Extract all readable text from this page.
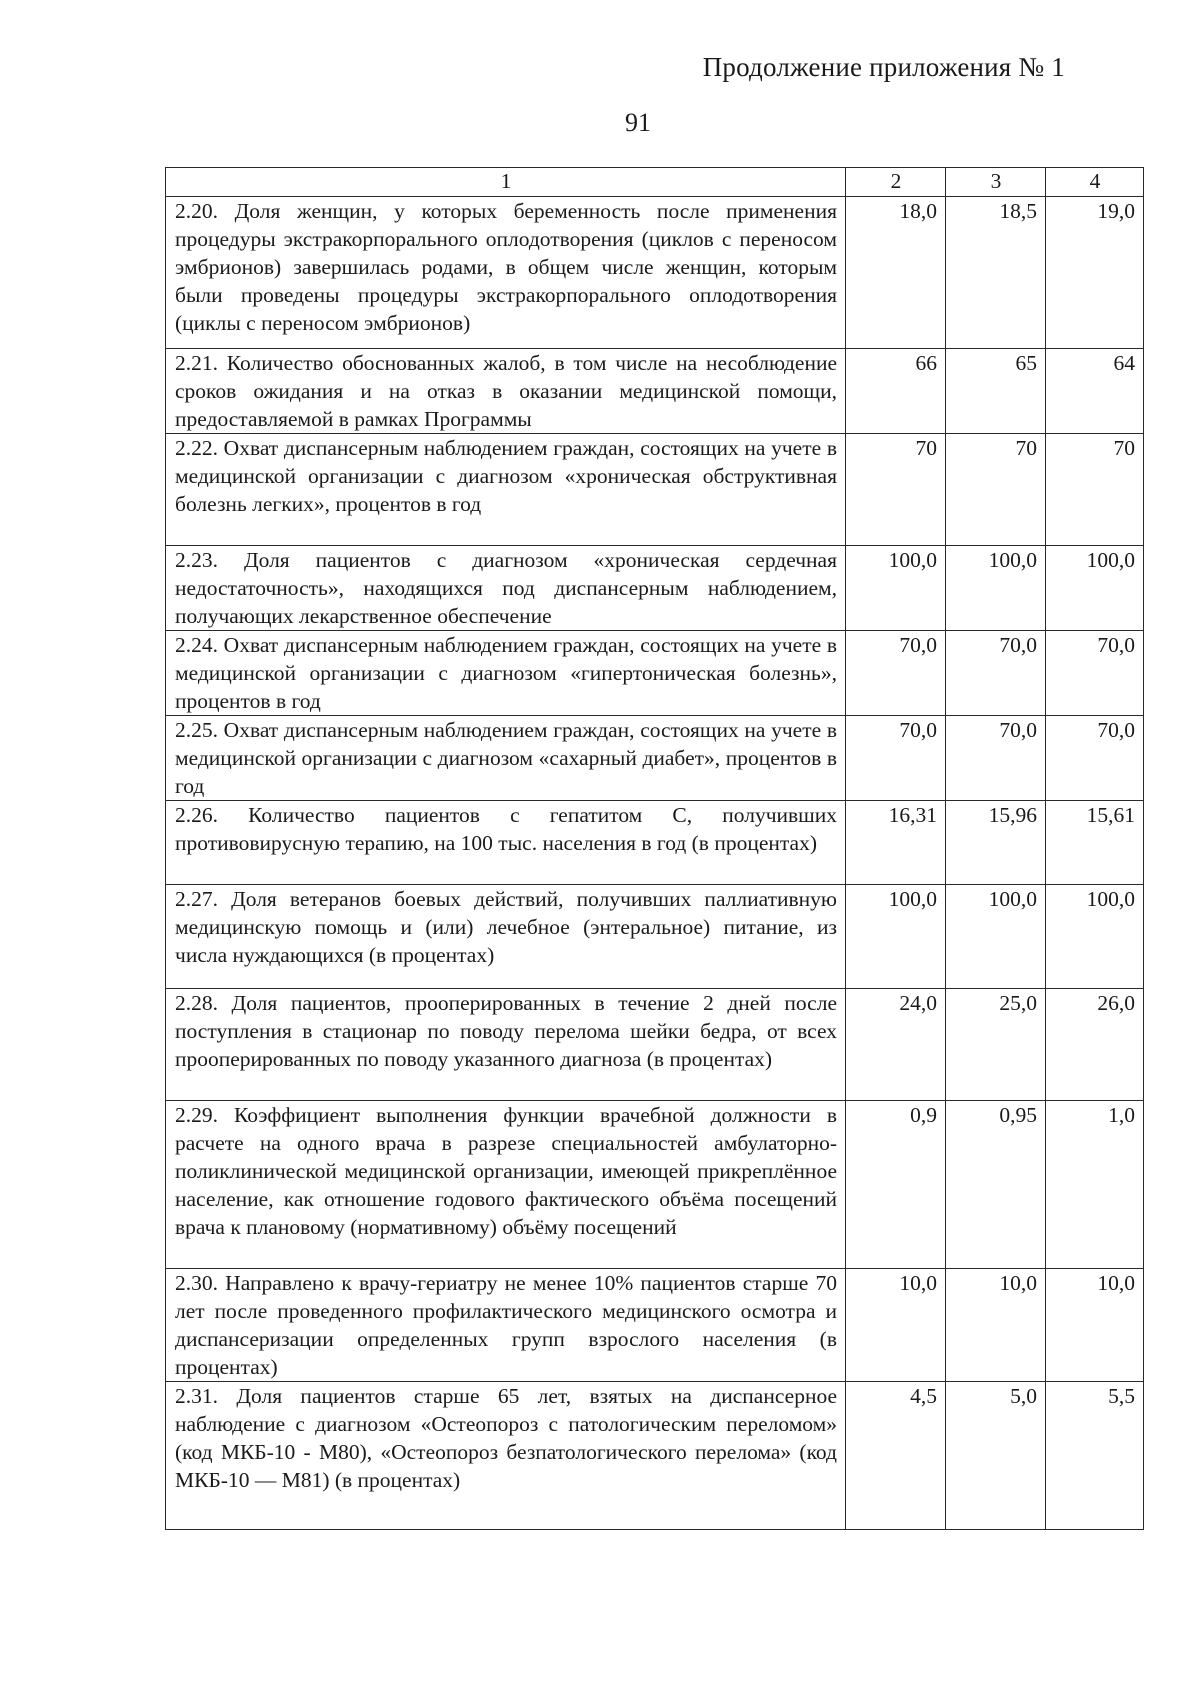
Продолжение приложения № 1
91
1	2	3	4
2.20. Доля женщин, у которых беременность после применения процедуры экстракорпорального оплодотворения (циклов с переносом эмбрионов) завершилась родами, в общем числе женщин, которым были проведены процедуры экстракорпорального оплодотворения (циклы с переносом эмбрионов)	18,0	18,5	19,0
2.21. Количество обоснованных жалоб, в том числе на несоблюдение сроков ожидания и на отказ в оказании медицинской помощи, предоставляемой в рамках Программы	66	65	64
2.22. Охват диспансерным наблюдением граждан, состоящих на учете в медицинской организации с диагнозом «хроническая обструктивная болезнь легких», процентов в год	70	70	70
2.23. Доля пациентов с диагнозом «хроническая сердечная недостаточность», находящихся под диспансерным наблюдением, получающих лекарственное обеспечение	100,0	100,0	100,0
2.24. Охват диспансерным наблюдением граждан, состоящих на учете в медицинской организации с диагнозом «гипертоническая болезнь», процентов в год	70,0	70,0	70,0
2.25. Охват диспансерным наблюдением граждан, состоящих на учете в медицинской организации с диагнозом «сахарный диабет», процентов в год	70,0	70,0	70,0
2.26. Количество пациентов с гепатитом С, получивших противовирусную терапию, на 100 тыс. населения в год (в процентах)	16,31	15,96	15,61
2.27. Доля ветеранов боевых действий, получивших паллиативную медицинскую помощь и (или) лечебное (энтеральное) питание, из числа нуждающихся (в процентах)	100,0	100,0	100,0
2.28. Доля пациентов, прооперированных в течение 2 дней после поступления в стационар по поводу перелома шейки бедра, от всех прооперированных по поводу указанного диагноза (в процентах)	24,0	25,0	26,0
2.29. Коэффициент выполнения функции врачебной должности в расчете на одного врача в разрезе специальностей амбулаторно-поликлинической медицинской организации, имеющей прикреплённое население, как отношение годового фактического объёма посещений врача к плановому (нормативному) объёму посещений	0,9	0,95	1,0
2.30. Направлено к врачу-гериатру не менее 10% пациентов старше 70 лет после проведенного профилактического медицинского осмотра и диспансеризации определенных групп взрослого населения (в процентах)	10,0	10,0	10,0
2.31. Доля пациентов старше 65 лет, взятых на диспансерное наблюдение с диагнозом «Остеопороз с патологическим переломом» (код МКБ-10 - M80), «Остеопороз безпатологического перелома» (код МКБ-10 — M81) (в процентах)	4,5	5,0	5,5
